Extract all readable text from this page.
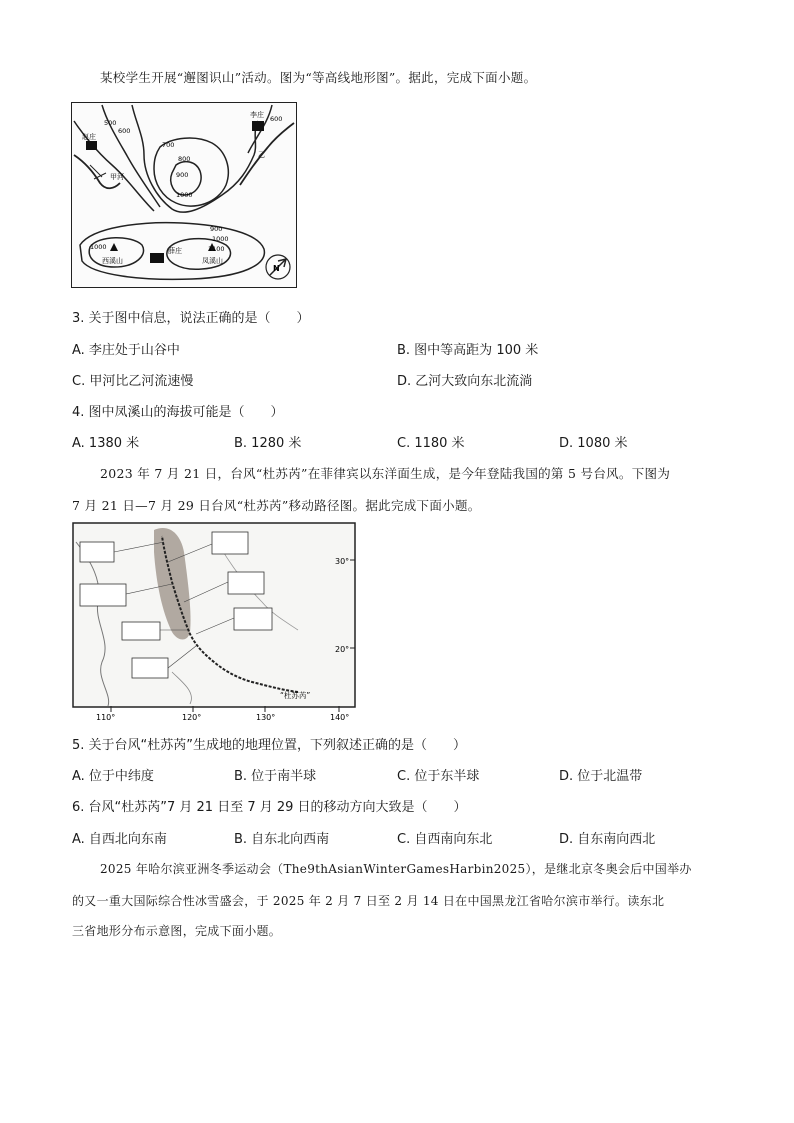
某校学生开展“邂图识山”活动。图为“等高线地形图”。据此，完成下面小题。
500
600
700
800
900
1000
900
1000
1000	1100
600
李庄
赵庄
薛庄
西溪山	凤溪山
甲河
乙
N
3. 关于图中信息，说法正确的是（　　）
A. 李庄处于山谷中	B. 图中等高距为 100 米
C. 甲河比乙河流速慢	D. 乙河大致向东北流淌
4. 图中凤溪山的海拔可能是（　　）
A. 1380 米	B. 1280 米	C. 1180 米	D. 1080 米
2023 年 7 月 21 日，台风“杜苏芮”在菲律宾以东洋面生成，是今年登陆我国的第 5 号台风。下图为
7 月 21 日—7 月 29 日台风“杜苏芮”移动路径图。据此完成下面小题。
“杜苏芮”
110°	120°	130°	140°
30°
20°
5. 关于台风“杜苏芮”生成地的地理位置，下列叙述正确的是（　　）
A. 位于中纬度	B. 位于南半球	C. 位于东半球	D. 位于北温带
6. 台风“杜苏芮”7 月 21 日至 7 月 29 日的移动方向大致是（　　）
A. 自西北向东南	B. 自东北向西南	C. 自西南向东北	D. 自东南向西北
2025 年哈尔滨亚洲冬季运动会（The9thAsianWinterGamesHarbin2025），是继北京冬奥会后中国举办
的又一重大国际综合性冰雪盛会，于 2025 年 2 月 7 日至 2 月 14 日在中国黑龙江省哈尔滨市举行。读东北
三省地形分布示意图，完成下面小题。
